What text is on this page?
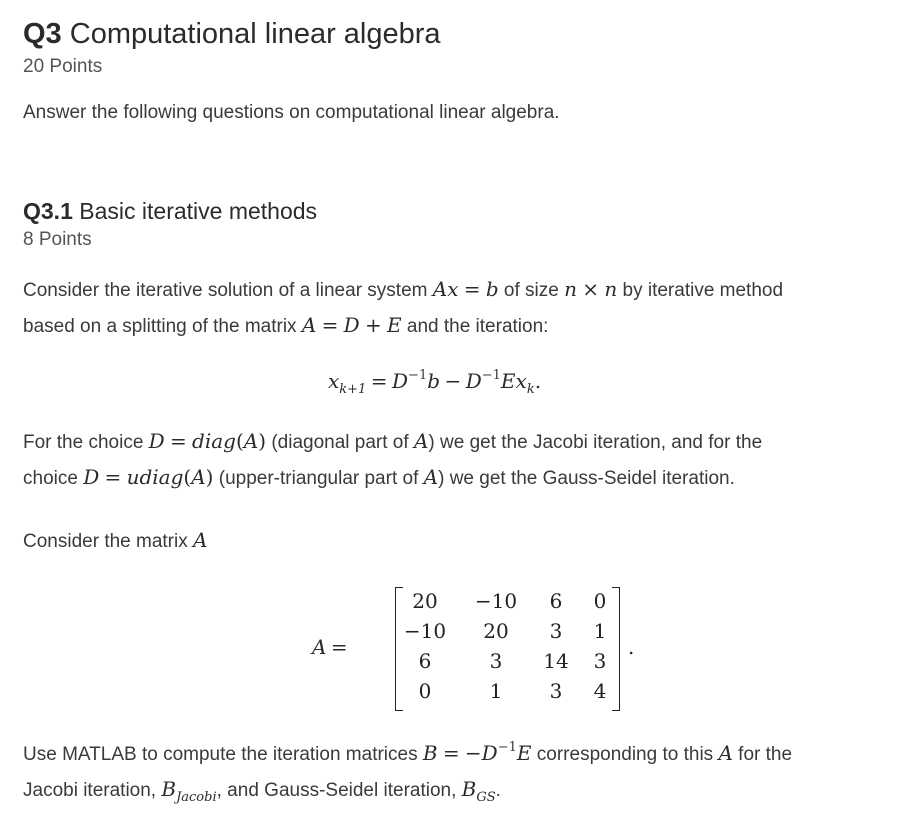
Q3 Computational linear algebra
20 Points
Answer the following questions on computational linear algebra.
Q3.1 Basic iterative methods
8 Points
Consider the iterative solution of a linear system Ax = b of size n × n by iterative method
based on a splitting of the matrix A = D + E and the iteration:
$x_{k+1} = D^{-1}b - D^{-1}Ex_k$.
For the choice D = diag(A) (diagonal part of A) we get the Jacobi iteration, and for the
choice D = udiag(A) (upper-triangular part of A) we get the Gauss-Seidel iteration.
Consider the matrix A
A =
20	−10	6	0
−10	20	3	1
6	3	14	3
0	1	3	4
.
Use MATLAB to compute the iteration matrices $B = -D^{-1}E$ corresponding to this A for the
Jacobi iteration, $B_{Jacobi}$, and Gauss-Seidel iteration, $B_{GS}$.
